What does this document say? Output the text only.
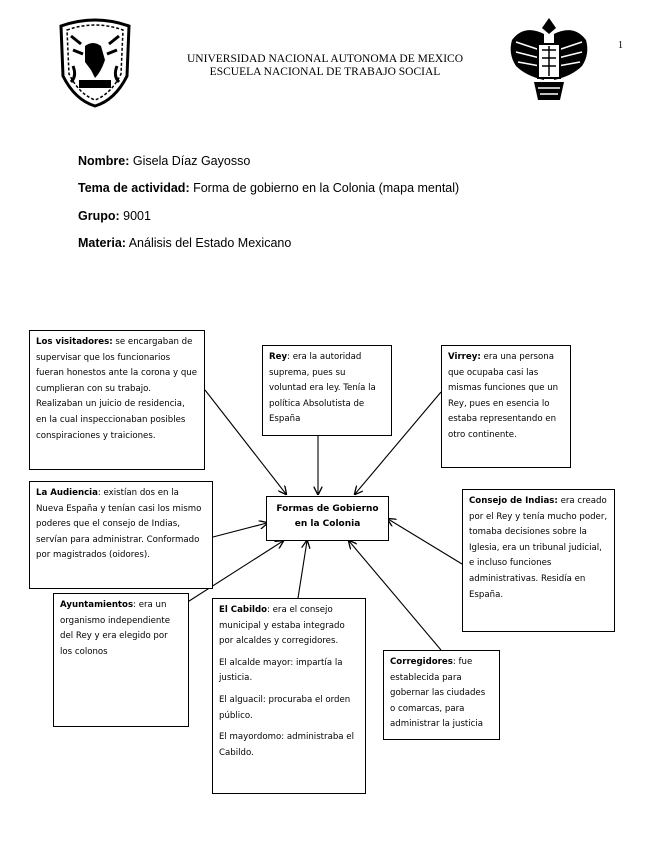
1
UNIVERSIDAD NACIONAL AUTONOMA DE MEXICO
ESCUELA NACIONAL DE TRABAJO SOCIAL
Nombre: Gisela Díaz Gayosso
Tema de actividad: Forma de gobierno en la Colonia (mapa mental)
Grupo: 9001
Materia: Análisis del Estado Mexicano
Formas de Gobierno en la Colonia
Los visitadores: se encargaban de supervisar que los funcionarios fueran honestos ante la corona y que cumplieran con su trabajo. Realizaban un juicio de residencia, en la cual inspeccionaban posibles conspiraciones y traiciones.
Rey: era la autoridad suprema, pues su voluntad era ley. Tenía la política Absolutista de España
Virrey: era una persona que ocupaba casi las mismas funciones que un Rey, pues en esencia lo estaba representando en otro continente.
La Audiencia: existían dos en la Nueva España y tenían casi los mismo poderes que el consejo de Indias, servían para administrar. Conformado por magistrados (oidores).
Consejo de Indias: era creado por el Rey y tenía mucho poder, tomaba decisiones sobre la Iglesia, era un tribunal judicial, e incluso funciones administrativas. Residía en España.
Ayuntamientos: era un organismo independiente del Rey y era elegido por los colonos

El Cabildo: era el consejo municipal y estaba integrado por alcaldes y corregidores.

El alcalde mayor: impartía la justicia.

El alguacil: procuraba el orden público.

El mayordomo: administraba el Cabildo.

Corregidores: fue establecida para gobernar las ciudades o comarcas, para administrar la justicia
